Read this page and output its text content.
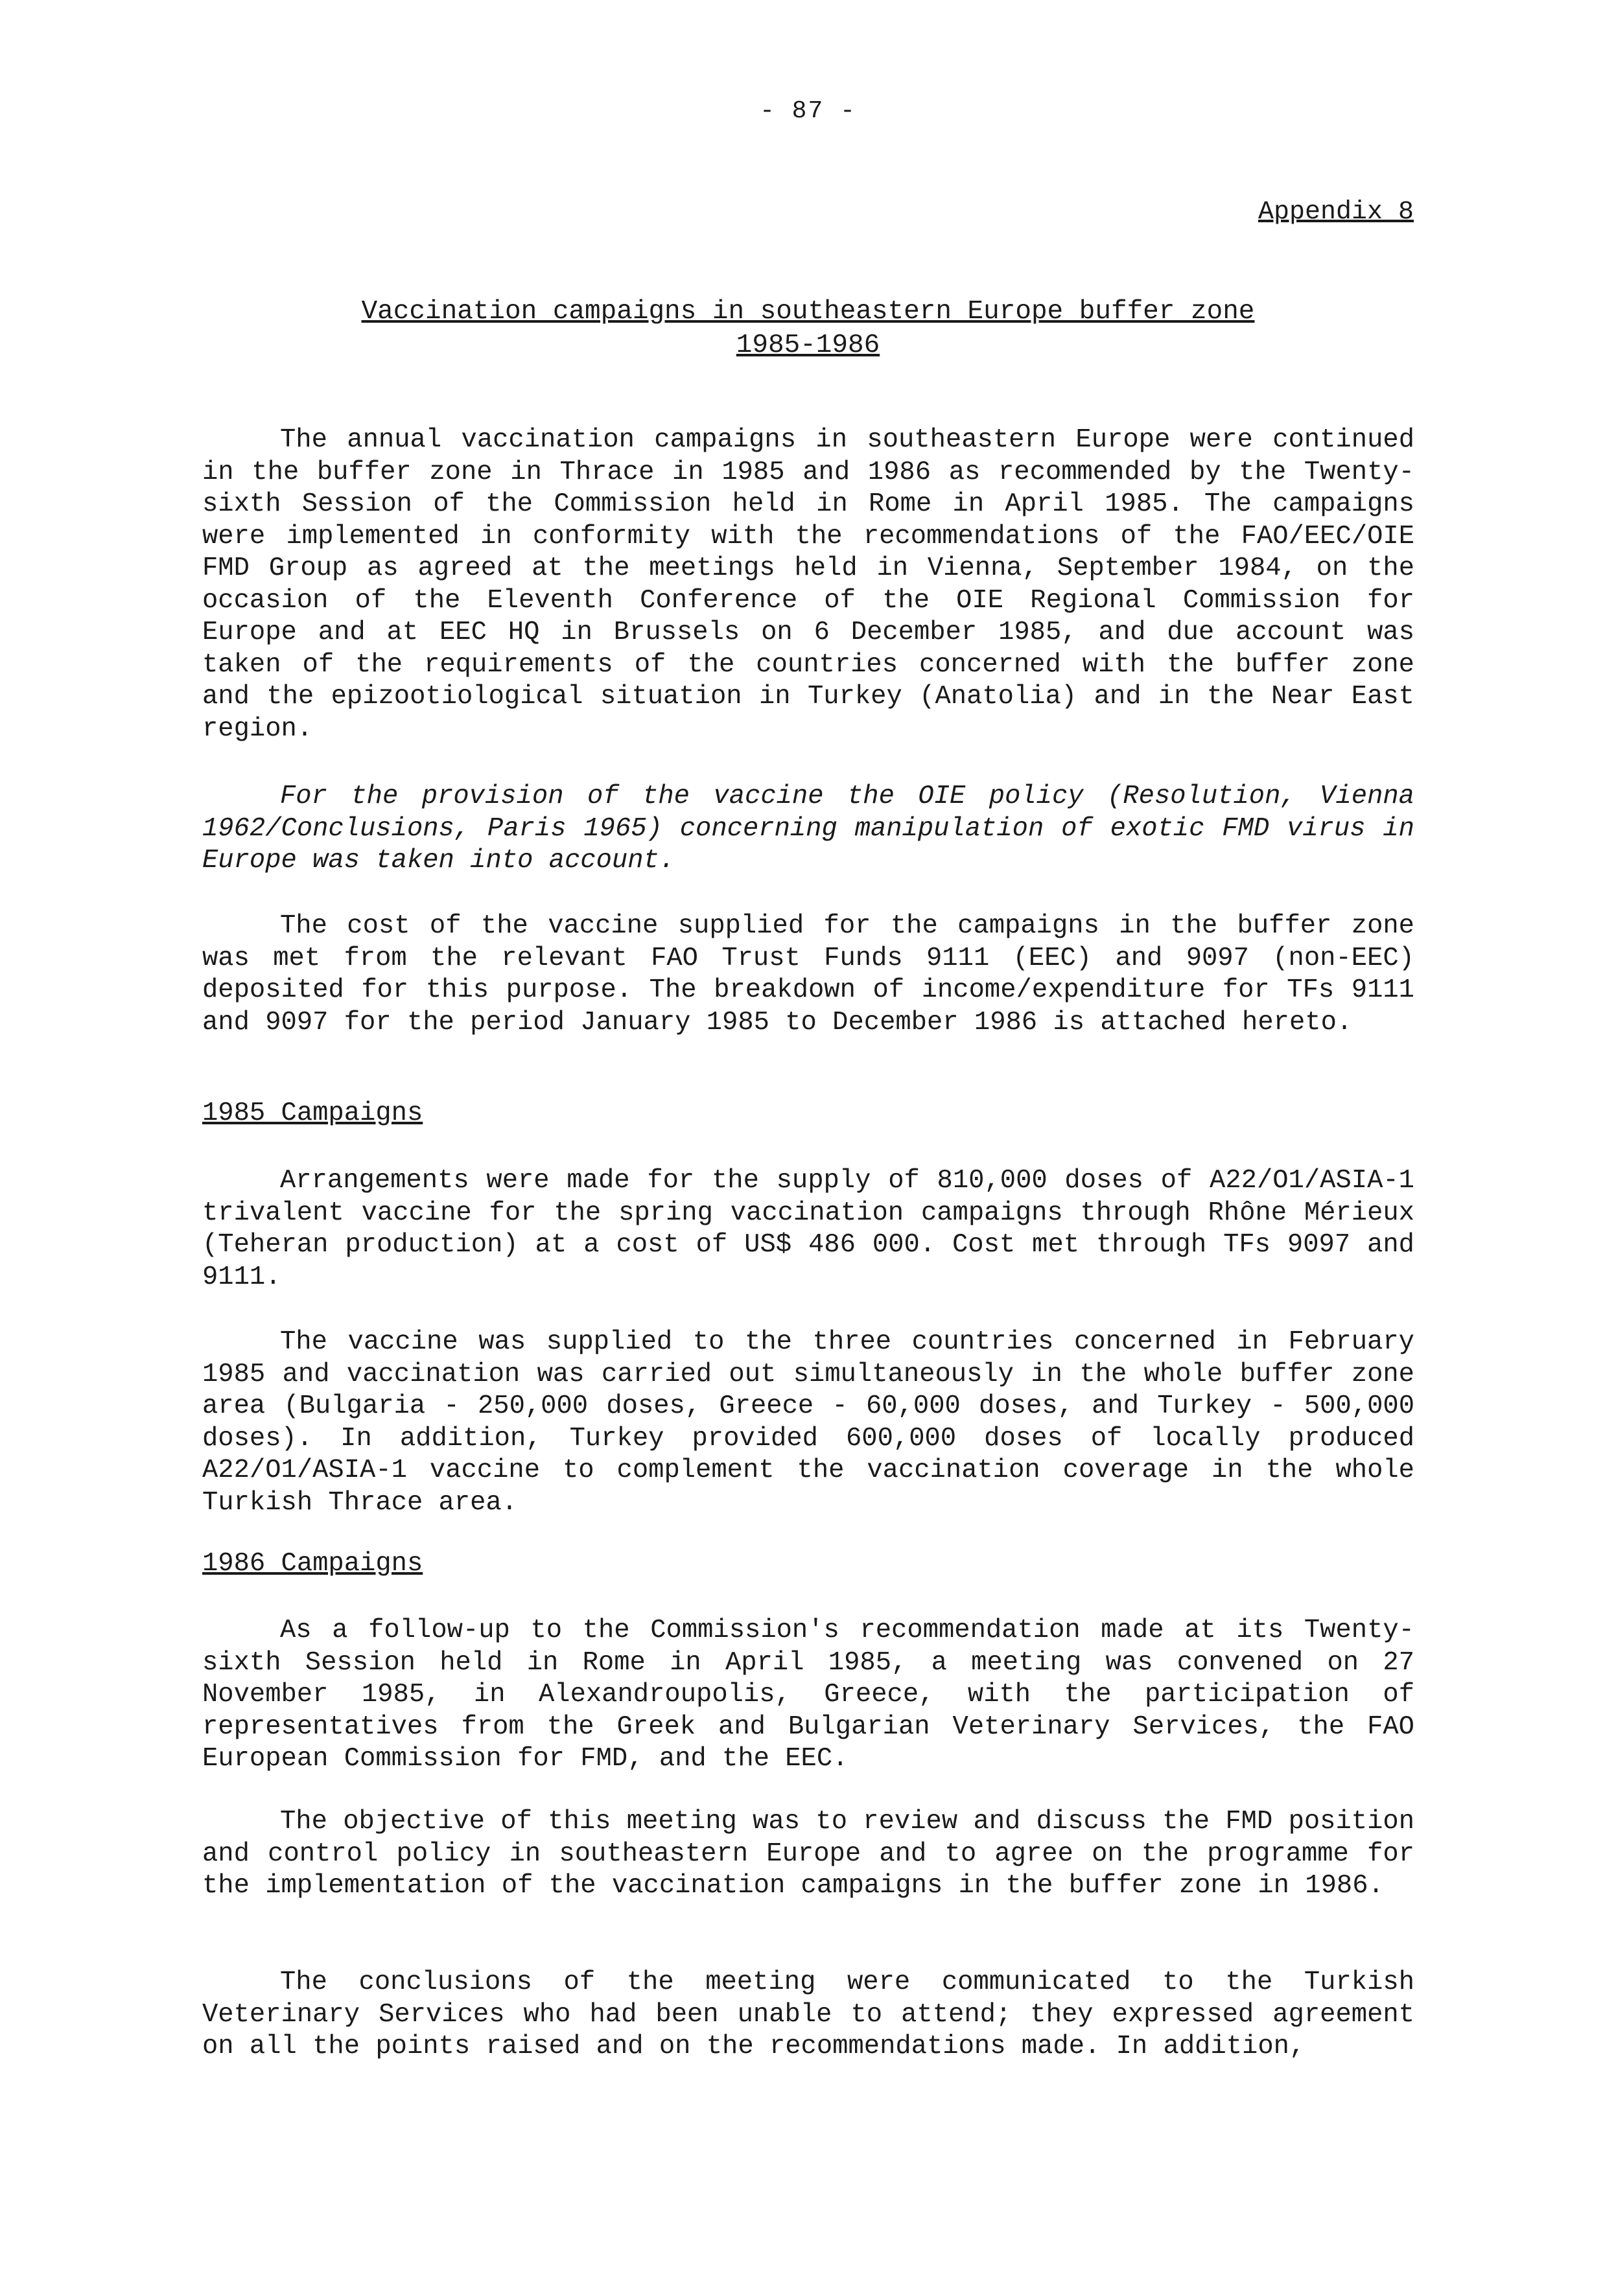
- 87 -
Appendix 8
Vaccination campaigns in southeastern Europe buffer zone
1985-1986

The annual vaccination campaigns in southeastern Europe were continued in the buffer zone in Thrace in 1985 and 1986 as recommended by the Twenty-sixth Session of the Commission held in Rome in April 1985. The campaigns were implemented in conformity with the recommendations of the FAO/EEC/OIE FMD Group as agreed at the meetings held in Vienna, September 1984, on the occasion of the Eleventh Conference of the OIE Regional Commission for Europe and at EEC HQ in Brussels on 6 December 1985, and due account was taken of the requirements of the countries concerned with the buffer zone and the epizootiological situation in Turkey (Anatolia) and in the Near East region.

For the provision of the vaccine the OIE policy (Resolution, Vienna 1962/Conclusions, Paris 1965) concerning manipulation of exotic FMD virus in Europe was taken into account.

The cost of the vaccine supplied for the campaigns in the buffer zone was met from the relevant FAO Trust Funds 9111 (EEC) and 9097 (non-EEC) deposited for this purpose. The breakdown of income/expenditure for TFs 9111 and 9097 for the period January 1985 to December 1986 is attached hereto.

1985 Campaigns

Arrangements were made for the supply of 810,000 doses of A22/O1/ASIA-1 trivalent vaccine for the spring vaccination campaigns through Rhône Mérieux (Teheran production) at a cost of US$ 486 000. Cost met through TFs 9097 and 9111.

The vaccine was supplied to the three countries concerned in February 1985 and vaccination was carried out simultaneously in the whole buffer zone area (Bulgaria - 250,000 doses, Greece - 60,000 doses, and Turkey - 500,000 doses). In addition, Turkey provided 600,000 doses of locally produced A22/O1/ASIA-1 vaccine to complement the vaccination coverage in the whole Turkish Thrace area.

1986 Campaigns

As a follow-up to the Commission's recommendation made at its Twenty-sixth Session held in Rome in April 1985, a meeting was convened on 27 November 1985, in Alexandroupolis, Greece, with the participation of representatives from the Greek and Bulgarian Veterinary Services, the FAO European Commission for FMD, and the EEC.

The objective of this meeting was to review and discuss the FMD position and control policy in southeastern Europe and to agree on the programme for the implementation of the vaccination campaigns in the buffer zone in 1986.

The conclusions of the meeting were communicated to the Turkish Veterinary Services who had been unable to attend; they expressed agreement on all the points raised and on the recommendations made. In addition,
